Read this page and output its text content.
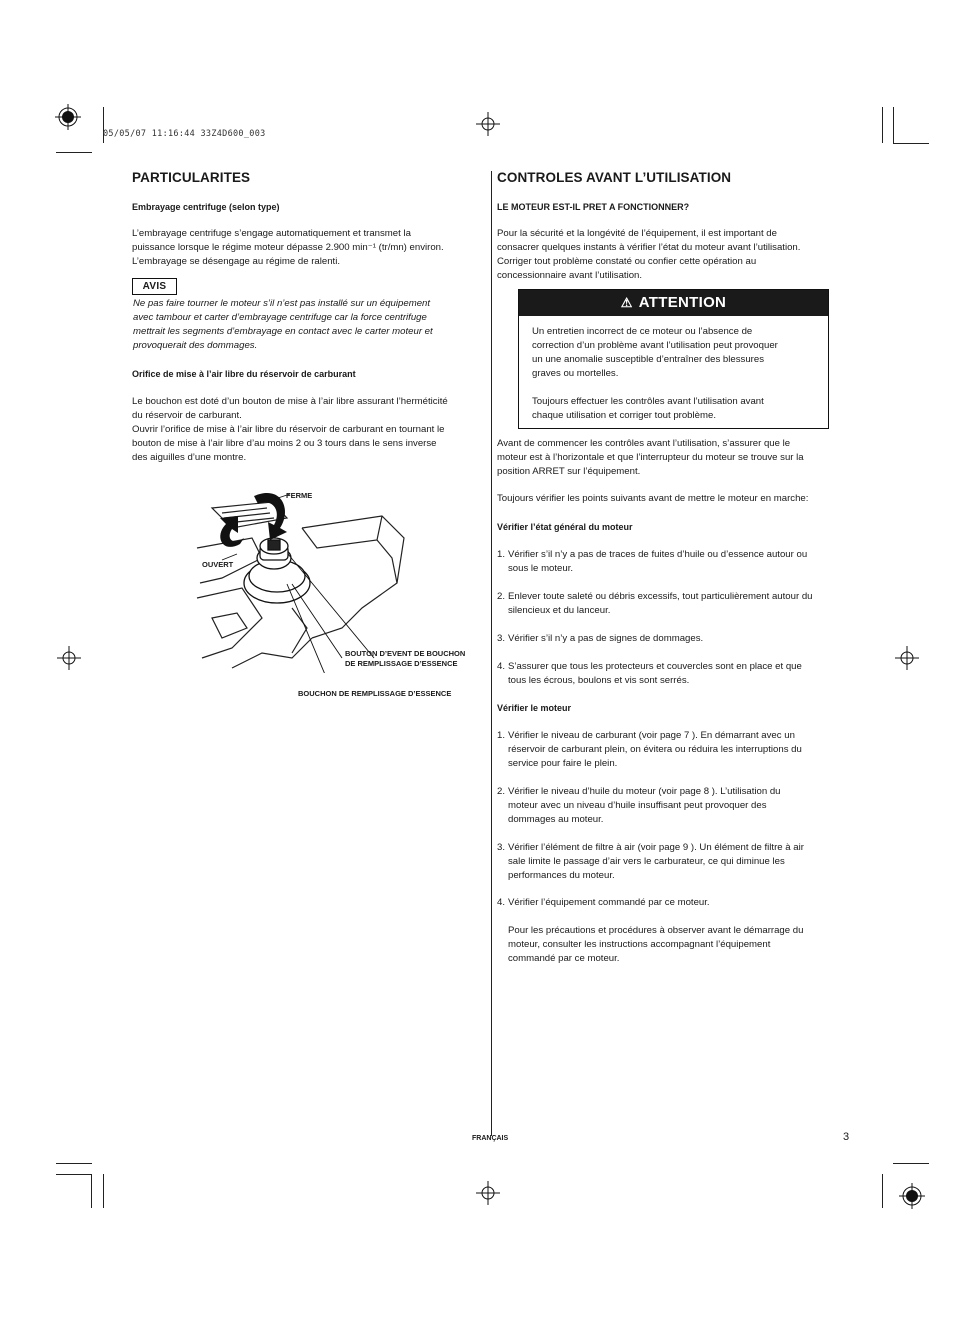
05/05/07 11:16:44 33Z4D600_003
PARTICULARITES
Embrayage centrifuge (selon type)
L’embrayage centrifuge s’engage automatiquement et transmet la
puissance lorsque le régime moteur dépasse 2.900 min⁻¹ (tr/mn) environ.
L’embrayage se désengage au régime de ralenti.
AVIS
Ne pas faire tourner le moteur s’il n’est pas installé sur un équipement
avec tambour et carter d’embrayage centrifuge car la force centrifuge
mettrait les segments d’embrayage en contact avec le carter moteur et
provoquerait des dommages.
Orifice de mise à l’air libre du réservoir de carburant
Le bouchon est doté d’un bouton de mise à l’air libre assurant l’herméticité
du réservoir de carburant.
Ouvrir l’orifice de mise à l’air libre du réservoir de carburant en tournant le
bouton de mise à l’air libre d’au moins 2 ou 3 tours dans le sens inverse
des aiguilles d’une montre.
FERME
OUVERT
BOUTON D’EVENT DE BOUCHON
DE REMPLISSAGE D’ESSENCE
BOUCHON DE REMPLISSAGE D’ESSENCE
CONTROLES AVANT L’UTILISATION
LE MOTEUR EST-IL PRET A FONCTIONNER?
Pour la sécurité et la longévité de l’équipement, il est important de
consacrer quelques instants à vérifier l’état du moteur avant l’utilisation.
Corriger tout problème constaté ou confier cette opération au
concessionnaire avant l’utilisation.
⚠ ATTENTION
Un entretien incorrect de ce moteur ou l’absence de
correction d’un problème avant l’utilisation peut provoquer
un une anomalie susceptible d’entraîner des blessures
graves ou mortelles.
Toujours effectuer les contrôles avant l’utilisation avant
chaque utilisation et corriger tout problème.
Avant de commencer les contrôles avant l’utilisation, s’assurer que le
moteur est à l’horizontale et que l’interrupteur du moteur se trouve sur la
position ARRET sur l’équipement.
Toujours vérifier les points suivants avant de mettre le moteur en marche:
Vérifier l’état général du moteur
1. Vérifier s’il n’y a pas de traces de fuites d’huile ou d’essence autour ou
sous le moteur.
2. Enlever toute saleté ou débris excessifs, tout particulièrement autour du
silencieux et du lanceur.
3. Vérifier s’il n’y a pas de signes de dommages.
4. S’assurer que tous les protecteurs et couvercles sont en place et que
tous les écrous, boulons et vis sont serrés.
Vérifier le moteur
1. Vérifier le niveau de carburant (voir page 7 ). En démarrant avec un
réservoir de carburant plein, on évitera ou réduira les interruptions du
service pour faire le plein.
2. Vérifier le niveau d’huile du moteur (voir page 8 ). L’utilisation du
moteur avec un niveau d’huile insuffisant peut provoquer des
dommages au moteur.
3. Vérifier l’élément de filtre à air (voir page 9 ). Un élément de filtre à air
sale limite le passage d’air vers le carburateur, ce qui diminue les
performances du moteur.
4. Vérifier l’équipement commandé par ce moteur.
Pour les précautions et procédures à observer avant le démarrage du
moteur, consulter les instructions accompagnant l’équipement
commandé par ce moteur.
FRANÇAIS	3
